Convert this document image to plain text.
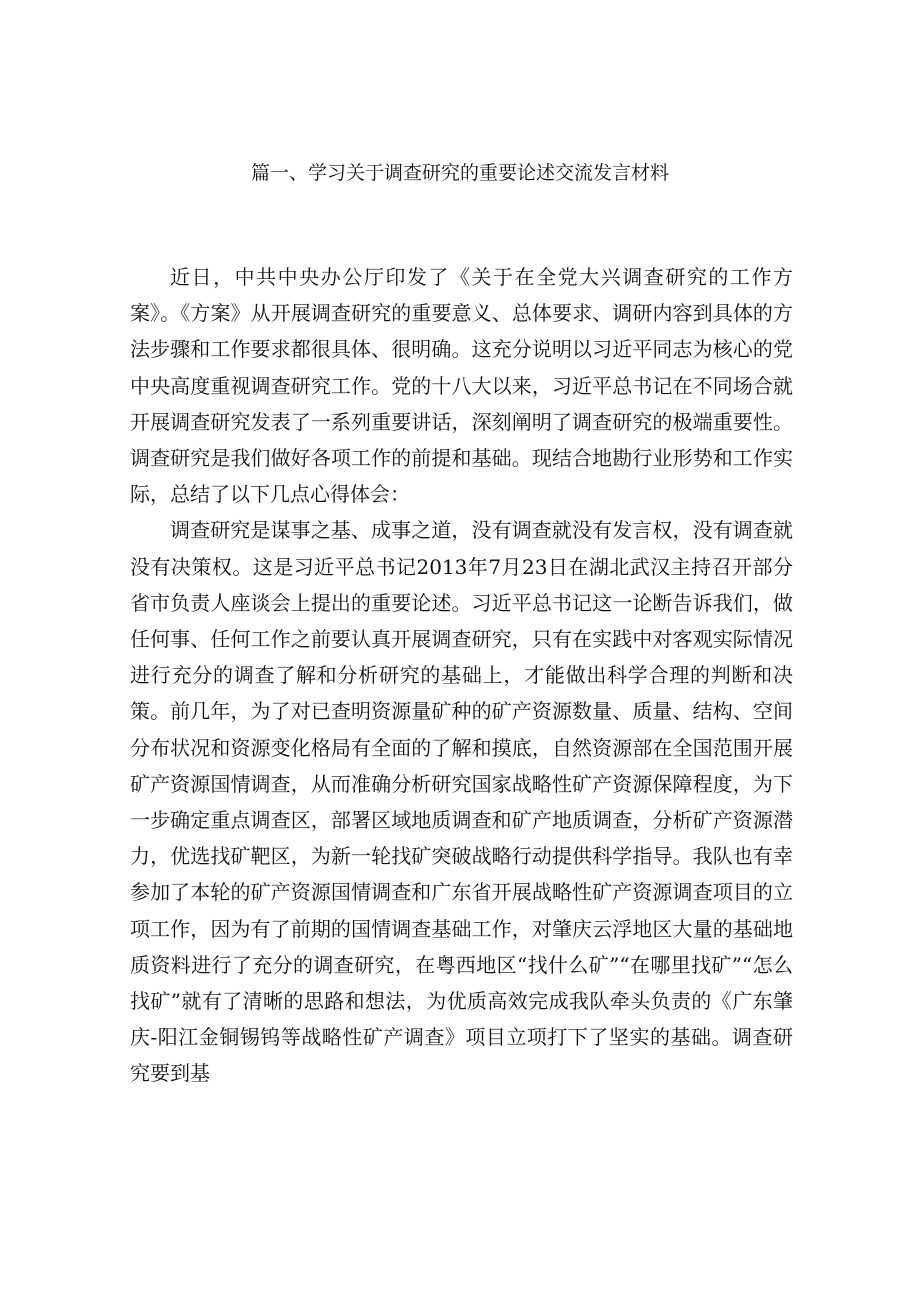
篇一、学习关于调查研究的重要论述交流发言材料

近日，中共中央办公厅印发了《关于在全党大兴调查研究的工作方案》。《方案》从开展调查研究的重要意义、总体要求、调研内容到具体的方法步骤和工作要求都很具体、很明确。这充分说明以习近平同志为核心的党中央高度重视调查研究工作。党的十八大以来，习近平总书记在不同场合就开展调查研究发表了一系列重要讲话，深刻阐明了调查研究的极端重要性。调查研究是我们做好各项工作的前提和基础。现结合地勘行业形势和工作实际，总结了以下几点心得体会：

调查研究是谋事之基、成事之道，没有调查就没有发言权，没有调查就没有决策权。这是习近平总书记2013年7月23日在湖北武汉主持召开部分省市负责人座谈会上提出的重要论述。习近平总书记这一论断告诉我们，做任何事、任何工作之前要认真开展调查研究，只有在实践中对客观实际情况进行充分的调查了解和分析研究的基础上，才能做出科学合理的判断和决策。前几年，为了对已查明资源量矿种的矿产资源数量、质量、结构、空间分布状况和资源变化格局有全面的了解和摸底，自然资源部在全国范围开展矿产资源国情调查，从而准确分析研究国家战略性矿产资源保障程度，为下一步确定重点调查区，部署区域地质调查和矿产地质调查，分析矿产资源潜力，优选找矿靶区，为新一轮找矿突破战略行动提供科学指导。我队也有幸参加了本轮的矿产资源国情调查和广东省开展战略性矿产资源调查项目的立项工作，因为有了前期的国情调查基础工作，对肇庆云浮地区大量的基础地质资料进行了充分的调查研究，在粤西地区“找什么矿”“在哪里找矿”“怎么找矿”就有了清晰的思路和想法，为优质高效完成我队牵头负责的《广东肇庆-阳江金铜锡钨等战略性矿产调查》项目立项打下了坚实的基础。调查研究要到基
